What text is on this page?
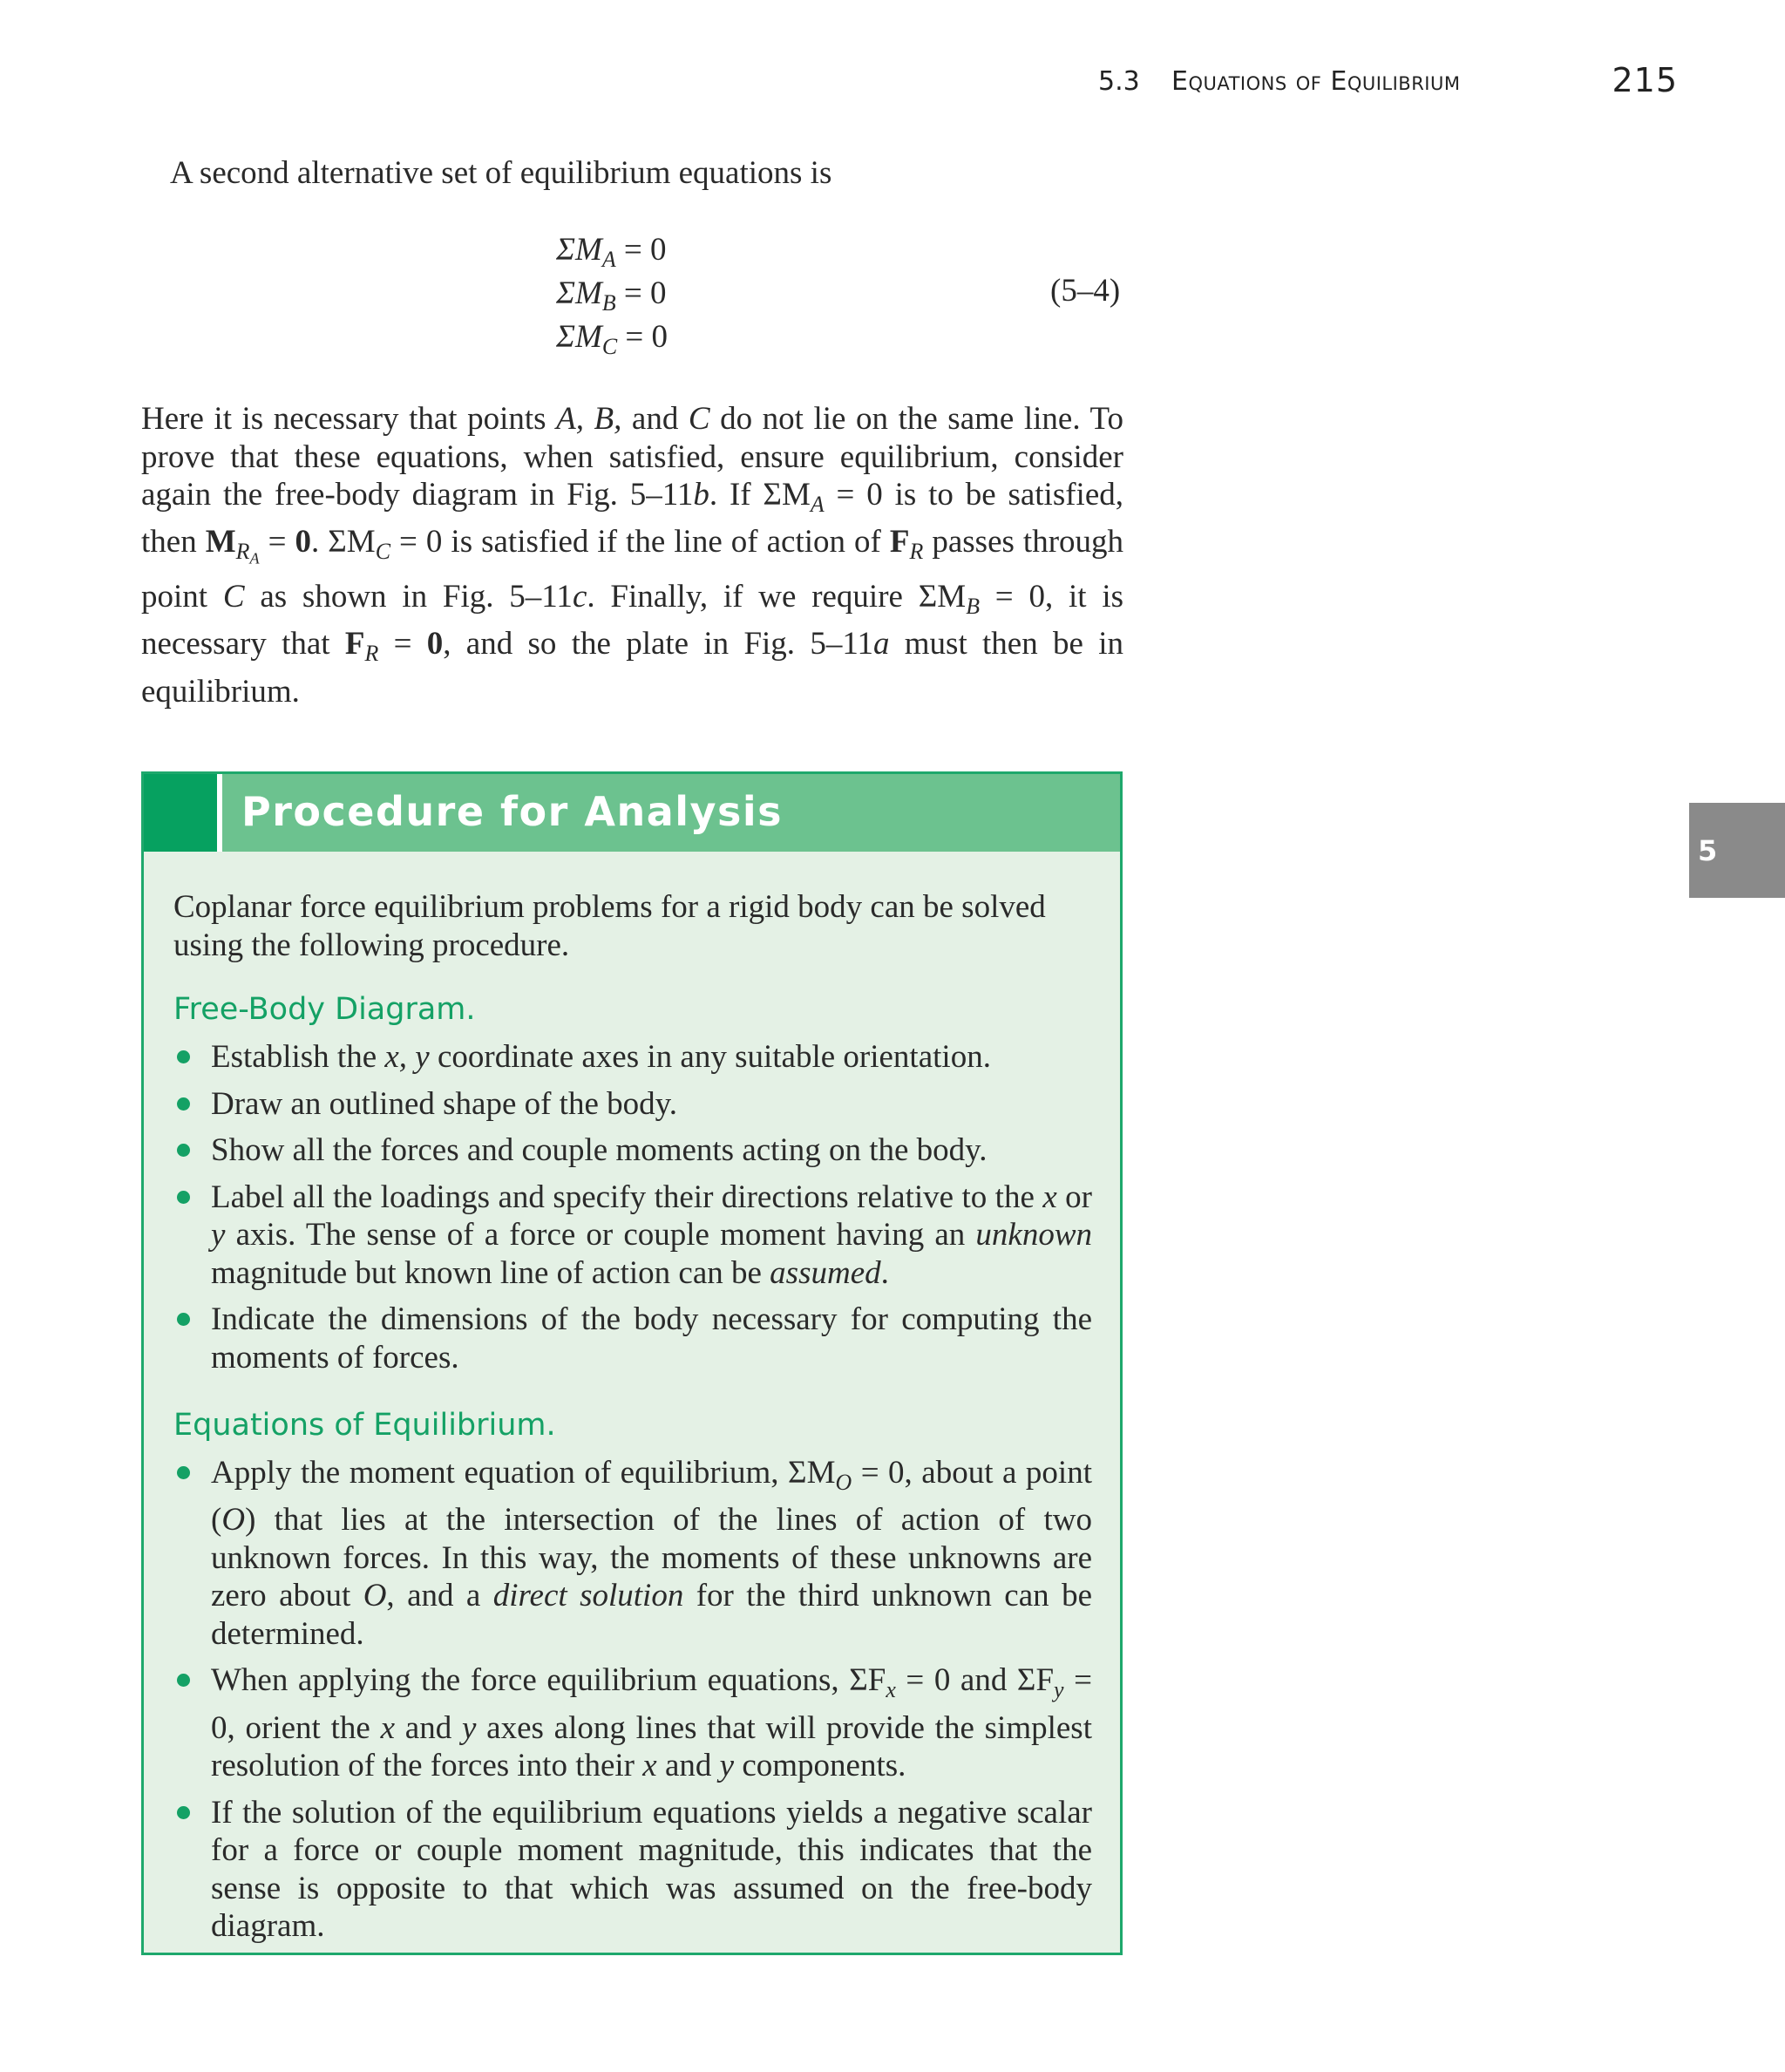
5.3 Equations of Equilibrium	215
5
A second alternative set of equilibrium equations is
$\Sigma M_A = 0$
$\Sigma M_B = 0$
$\Sigma M_C = 0$
(5–4)
Here it is necessary that points A, B, and C do not lie on the same line. To prove that these equations, when satisfied, ensure equilibrium, consider again the free-body diagram in Fig. 5–11b. If $\Sigma M_A = 0$ is to be satisfied, then $M_{R_A} = 0$. $\Sigma M_C = 0$ is satisfied if the line of action of $F_R$ passes through point C as shown in Fig. 5–11c. Finally, if we require $\Sigma M_B = 0$, it is necessary that $F_R = 0$, and so the plate in Fig. 5–11a must then be in equilibrium.
Procedure for Analysis
Coplanar force equilibrium problems for a rigid body can be solved using the following procedure.
Free-Body Diagram.
Establish the x, y coordinate axes in any suitable orientation.
Draw an outlined shape of the body.
Show all the forces and couple moments acting on the body.
Label all the loadings and specify their directions relative to the x or y axis. The sense of a force or couple moment having an unknown magnitude but known line of action can be assumed.
Indicate the dimensions of the body necessary for computing the moments of forces.
Equations of Equilibrium.
Apply the moment equation of equilibrium, $\Sigma M_O = 0$, about a point (O) that lies at the intersection of the lines of action of two unknown forces. In this way, the moments of these unknowns are zero about O, and a direct solution for the third unknown can be determined.
When applying the force equilibrium equations, $\Sigma F_x = 0$ and $\Sigma F_y = 0$, orient the x and y axes along lines that will provide the simplest resolution of the forces into their x and y components.
If the solution of the equilibrium equations yields a negative scalar for a force or couple moment magnitude, this indicates that the sense is opposite to that which was assumed on the free-body diagram.
